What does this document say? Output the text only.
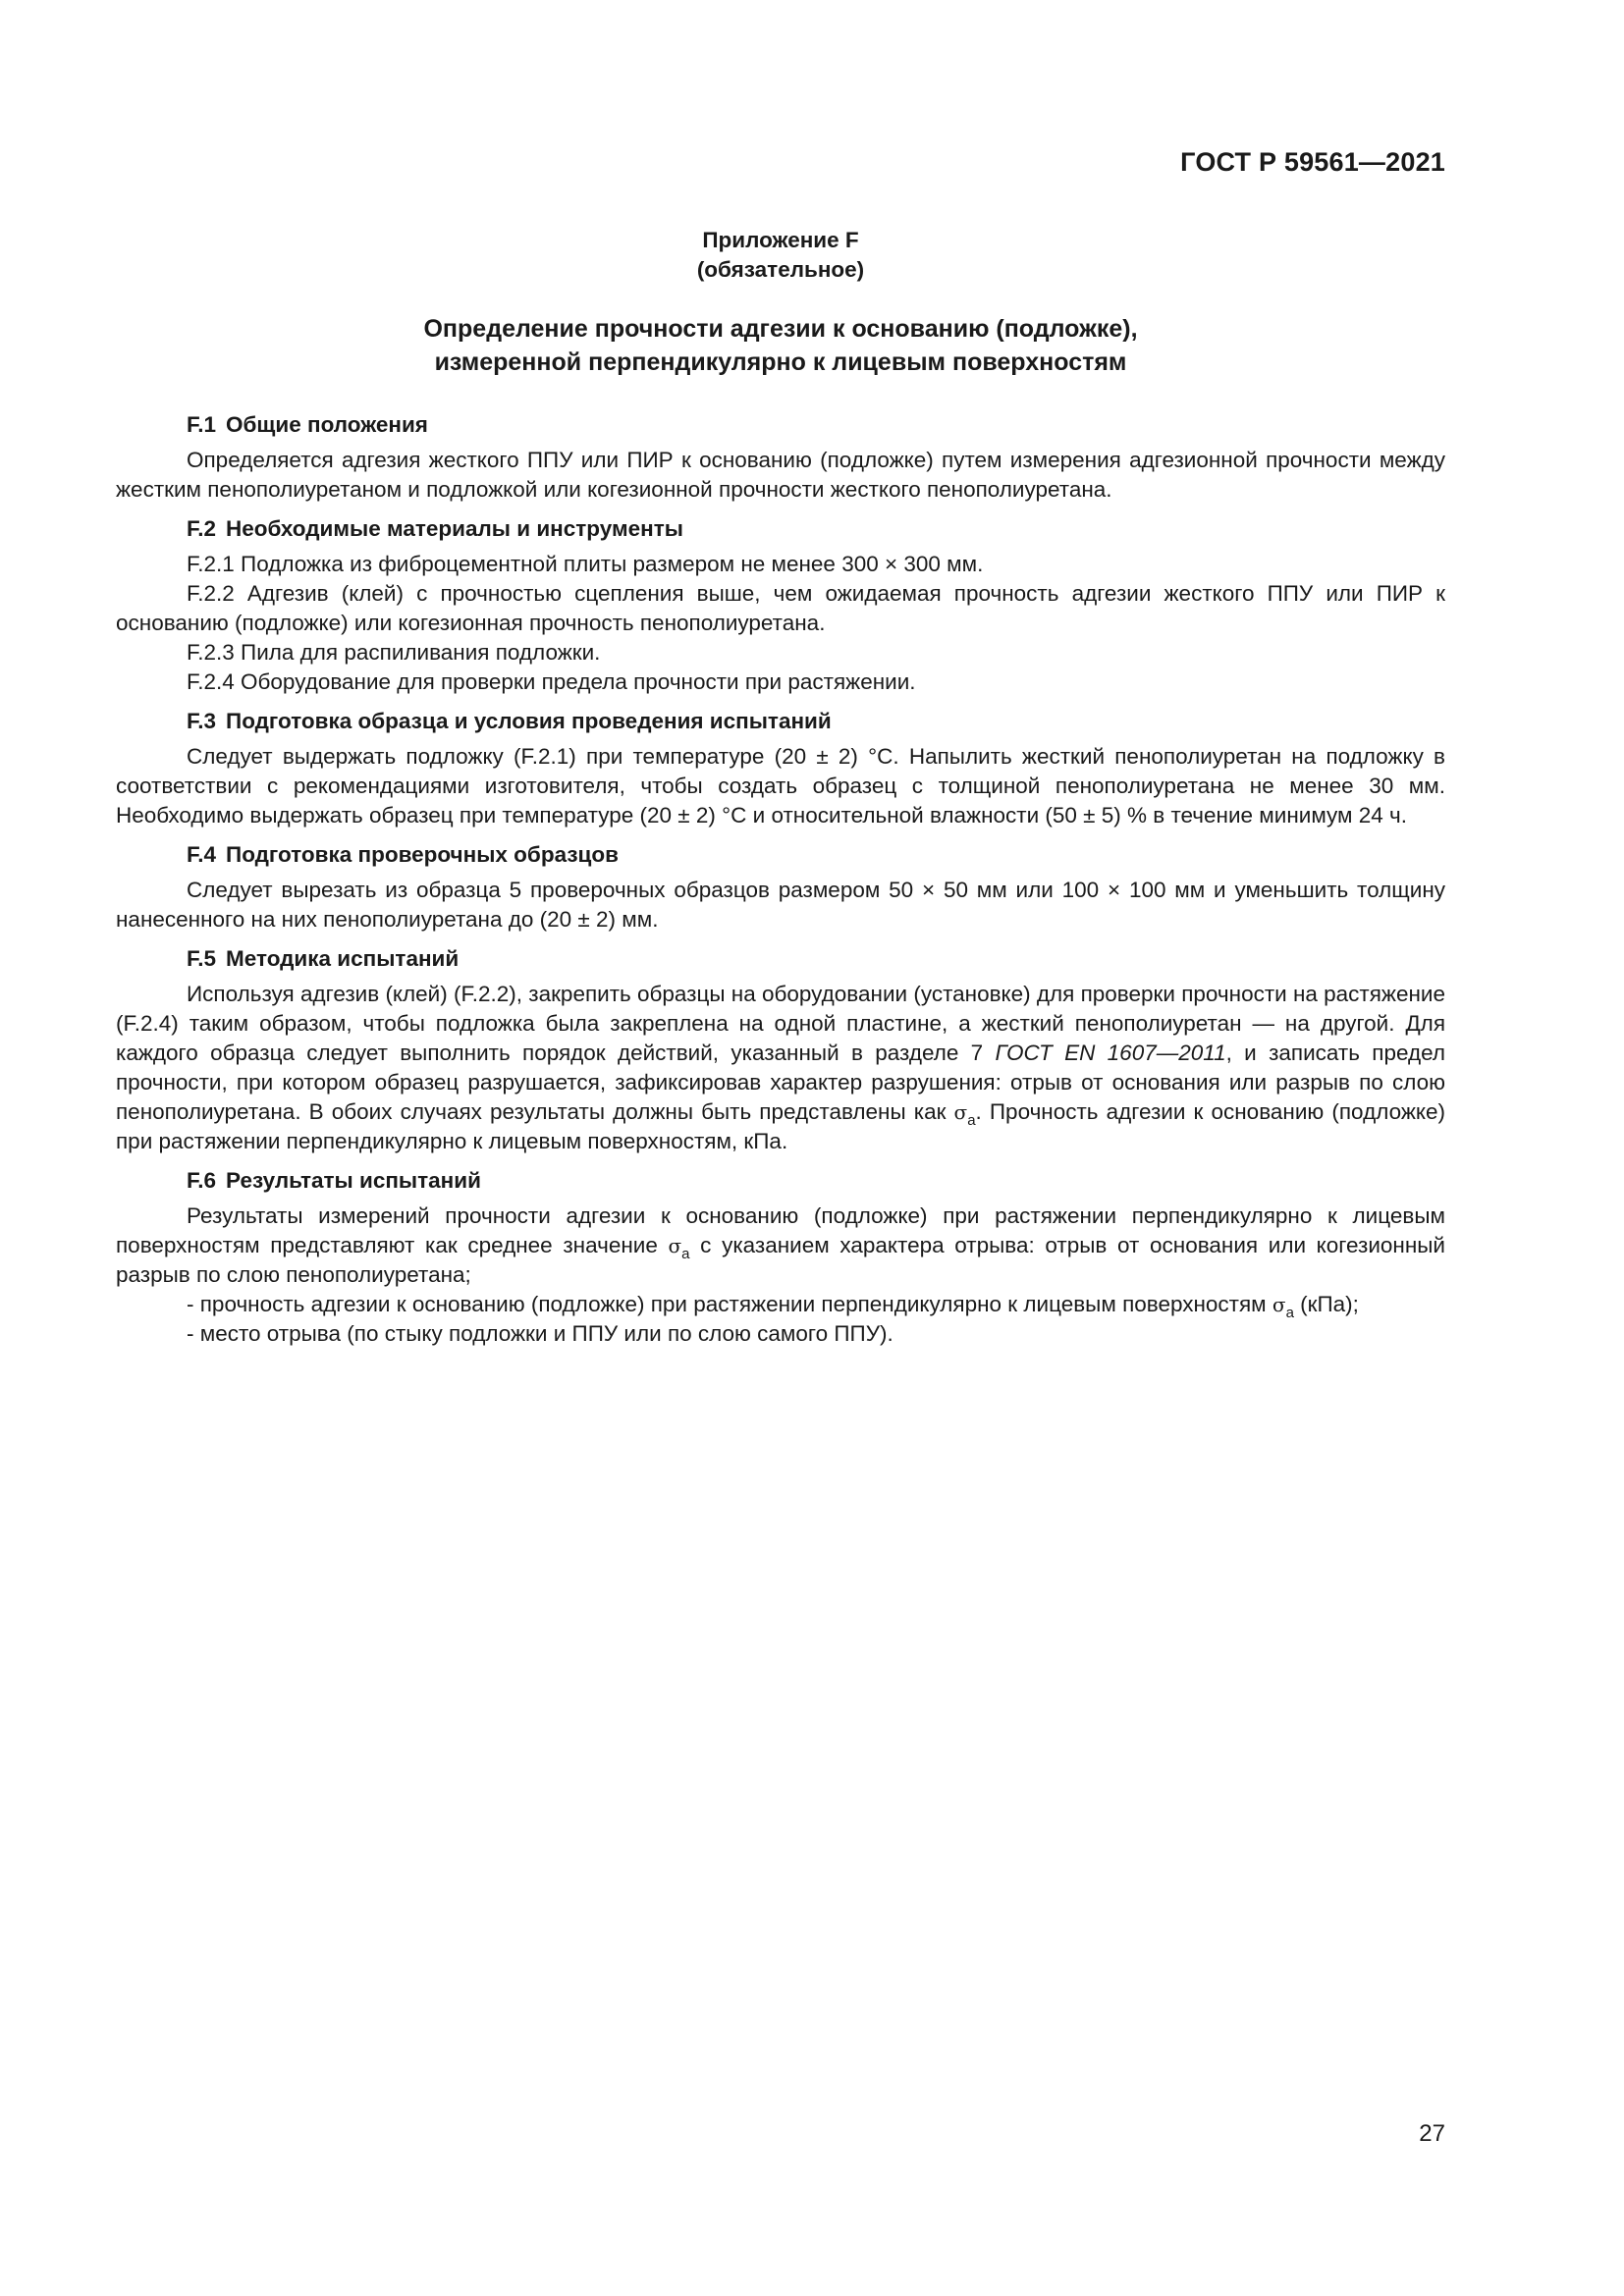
ГОСТ Р 59561—2021
Приложение F
(обязательное)
Определение прочности адгезии к основанию (подложке),
измеренной перпендикулярно к лицевым поверхностям
F.1 Общие положения

Определяется адгезия жесткого ППУ или ПИР к основанию (подложке) путем измерения адгезионной прочности между жестким пенополиуретаном и подложкой или когезионной прочности жесткого пенополиуретана.

F.2 Необходимые материалы и инструменты

F.2.1 Подложка из фиброцементной плиты размером не менее 300 × 300 мм.

F.2.2 Адгезив (клей) с прочностью сцепления выше, чем ожидаемая прочность адгезии жесткого ППУ или ПИР к основанию (подложке) или когезионная прочность пенополиуретана.

F.2.3 Пила для распиливания подложки.

F.2.4 Оборудование для проверки предела прочности при растяжении.

F.3 Подготовка образца и условия проведения испытаний

Следует выдержать подложку (F.2.1) при температуре (20 ± 2) °С. Напылить жесткий пенополиуретан на подложку в соответствии с рекомендациями изготовителя, чтобы создать образец с толщиной пенополиуретана не менее 30 мм. Необходимо выдержать образец при температуре (20 ± 2) °С и относительной влажности (50 ± 5) % в течение минимум 24 ч.

F.4 Подготовка проверочных образцов

Следует вырезать из образца 5 проверочных образцов размером 50 × 50 мм или 100 × 100 мм и уменьшить толщину нанесенного на них пенополиуретана до (20 ± 2) мм.

F.5 Методика испытаний

Используя адгезив (клей) (F.2.2), закрепить образцы на оборудовании (установке) для проверки прочности на растяжение (F.2.4) таким образом, чтобы подложка была закреплена на одной пластине, а жесткий пенополиуретан — на другой. Для каждого образца следует выполнить порядок действий, указанный в разделе 7 ГОСТ EN 1607—2011, и записать предел прочности, при котором образец разрушается, зафиксировав характер разрушения: отрыв от основания или разрыв по слою пенополиуретана. В обоих случаях результаты должны быть представлены как $\sigma_a$. Прочность адгезии к основанию (подложке) при растяжении перпендикулярно к лицевым поверхностям, кПа.

F.6 Результаты испытаний

Результаты измерений прочности адгезии к основанию (подложке) при растяжении перпендикулярно к лицевым поверхностям представляют как среднее значение $\sigma_a$ с указанием характера отрыва: отрыв от основания или когезионный разрыв по слою пенополиуретана;

- прочность адгезии к основанию (подложке) при растяжении перпендикулярно к лицевым поверхностям $\sigma_a$ (кПа);

- место отрыва (по стыку подложки и ППУ или по слою самого ППУ).

27
